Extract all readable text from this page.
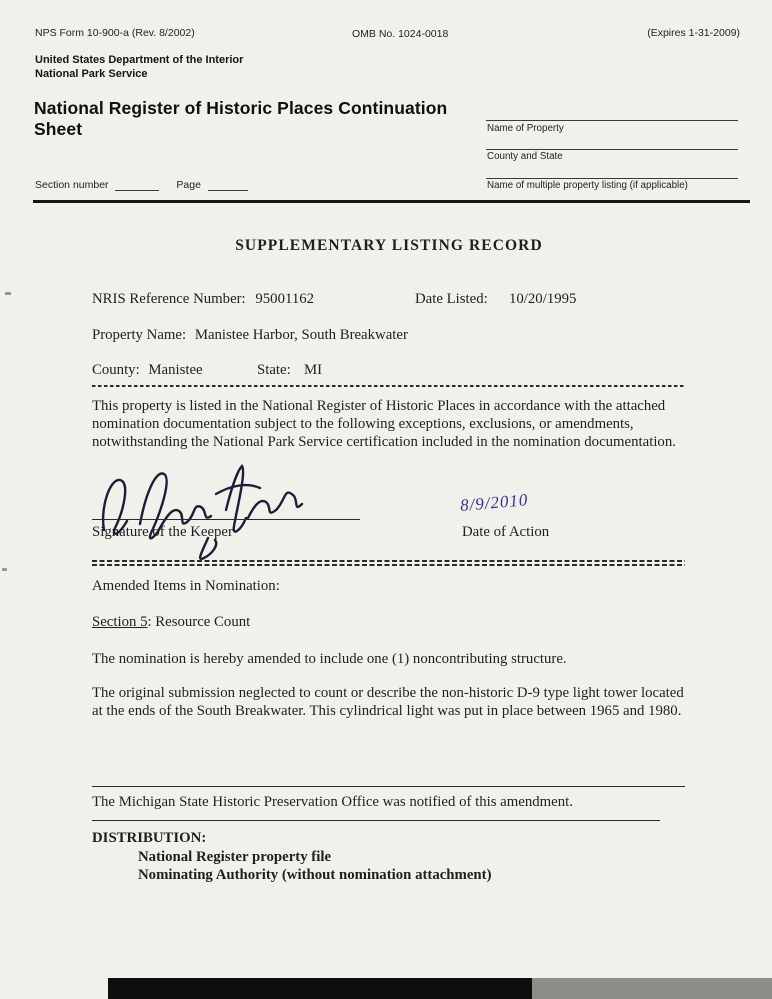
NPS Form 10-900-a (Rev. 8/2002)	OMB No. 1024-0018	(Expires 1-31-2009)
United States Department of the Interior
National Park Service
National Register of Historic Places Continuation Sheet	Name of Property
County and State
Name of multiple property listing (if applicable)
Section number	Page
SUPPLEMENTARY LISTING RECORD
NRIS Reference Number: 95001162	Date Listed: 10/20/1995
Property Name: Manistee Harbor, South Breakwater
County: Manistee	State: MI
This property is listed in the National Register of Historic Places in accordance with the attached nomination documentation subject to the following exceptions, exclusions, or amendments, notwithstanding the National Park Service certification included in the nomination documentation.
Signature of the Keeper
8/9/2010
Date of Action
Amended Items in Nomination:
Section 5: Resource Count
The nomination is hereby amended to include one (1) noncontributing structure.
The original submission neglected to count or describe the non-historic D-9 type light tower located at the ends of the South Breakwater. This cylindrical light was put in place between 1965 and 1980.
The Michigan State Historic Preservation Office was notified of this amendment.
DISTRIBUTION:
National Register property file
Nominating Authority (without nomination attachment)
